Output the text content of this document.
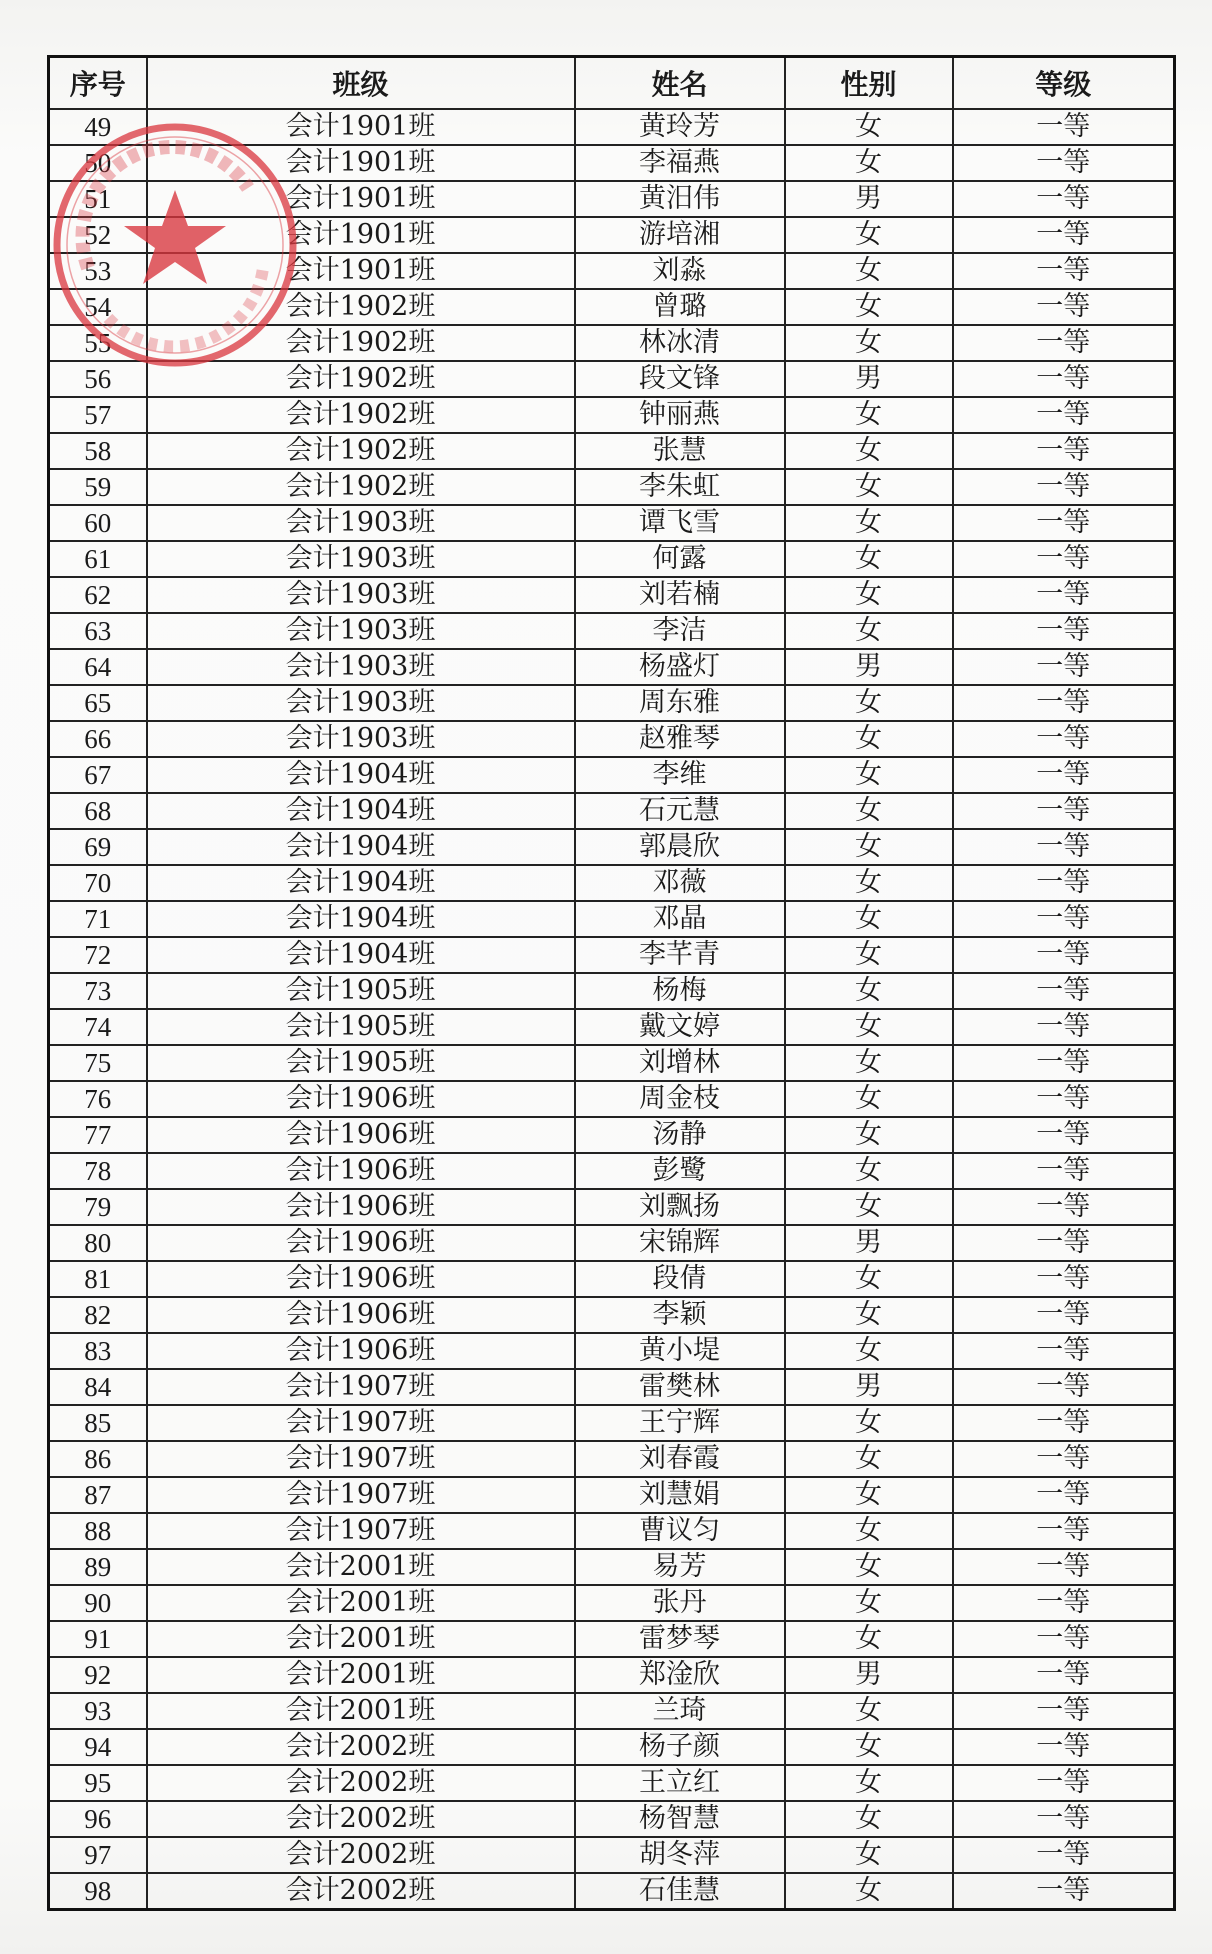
序号	班级	姓名	性别	等级
49	会计1901班	黄玲芳	女	一等
50	会计1901班	李福燕	女	一等
51	会计1901班	黄汨伟	男	一等
52	会计1901班	游培湘	女	一等
53	会计1901班	刘淼	女	一等
54	会计1902班	曾璐	女	一等
55	会计1902班	林冰清	女	一等
56	会计1902班	段文锋	男	一等
57	会计1902班	钟丽燕	女	一等
58	会计1902班	张慧	女	一等
59	会计1902班	李朱虹	女	一等
60	会计1903班	谭飞雪	女	一等
61	会计1903班	何露	女	一等
62	会计1903班	刘若楠	女	一等
63	会计1903班	李洁	女	一等
64	会计1903班	杨盛灯	男	一等
65	会计1903班	周东雅	女	一等
66	会计1903班	赵雅琴	女	一等
67	会计1904班	李维	女	一等
68	会计1904班	石元慧	女	一等
69	会计1904班	郭晨欣	女	一等
70	会计1904班	邓薇	女	一等
71	会计1904班	邓晶	女	一等
72	会计1904班	李芊青	女	一等
73	会计1905班	杨梅	女	一等
74	会计1905班	戴文婷	女	一等
75	会计1905班	刘增林	女	一等
76	会计1906班	周金枝	女	一等
77	会计1906班	汤静	女	一等
78	会计1906班	彭鹭	女	一等
79	会计1906班	刘飘扬	女	一等
80	会计1906班	宋锦辉	男	一等
81	会计1906班	段倩	女	一等
82	会计1906班	李颖	女	一等
83	会计1906班	黄小堤	女	一等
84	会计1907班	雷樊林	男	一等
85	会计1907班	王宁辉	女	一等
86	会计1907班	刘春霞	女	一等
87	会计1907班	刘慧娟	女	一等
88	会计1907班	曹议匀	女	一等
89	会计2001班	易芳	女	一等
90	会计2001班	张丹	女	一等
91	会计2001班	雷梦琴	女	一等
92	会计2001班	郑淦欣	男	一等
93	会计2001班	兰琦	女	一等
94	会计2002班	杨子颜	女	一等
95	会计2002班	王立红	女	一等
96	会计2002班	杨智慧	女	一等
97	会计2002班	胡冬萍	女	一等
98	会计2002班	石佳慧	女	一等
